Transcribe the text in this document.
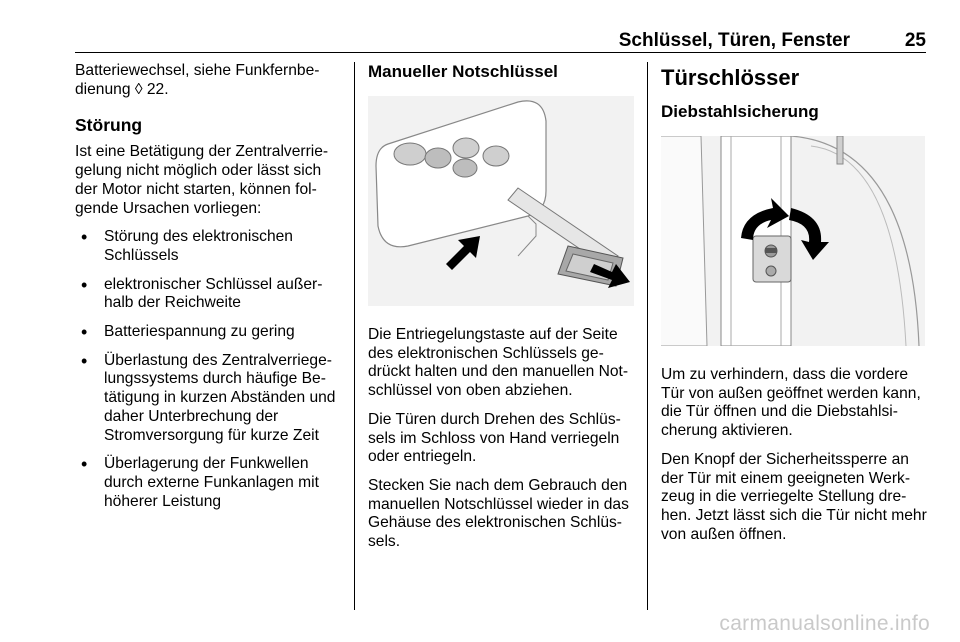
Schlüssel, Türen, Fenster	25

Batteriewechsel, siehe Funkfernbe-
dienung ◊ 22.

Störung

Ist eine Betätigung der Zentralverrie-gelung nicht möglich oder lässt sich der Motor nicht starten, können fol-gende Ursachen vorliegen:

• Störung des elektronischen Schlüssels
• elektronischer Schlüssel außer-halb der Reichweite
• Batteriespannung zu gering
• Überlastung des Zentralverriege-lungssystems durch häufige Be-tätigung in kurzen Abständen und daher Unterbrechung der Stromversorgung für kurze Zeit
• Überlagerung der Funkwellen durch externe Funkanlagen mit höherer Leistung
Manueller Notschlüssel

Die Entriegelungstaste auf der Seite des elektronischen Schlüssels ge-drückt halten und den manuellen Not-schlüssel von oben abziehen.

Die Türen durch Drehen des Schlüs-sels im Schloss von Hand verriegeln oder entriegeln.

Stecken Sie nach dem Gebrauch den manuellen Notschlüssel wieder in das Gehäuse des elektronischen Schlüs-sels.

Türschlösser
Diebstahlsicherung

Um zu verhindern, dass die vordere Tür von außen geöffnet werden kann, die Tür öffnen und die Diebstahlsi-cherung aktivieren.

Den Knopf der Sicherheitssperre an der Tür mit einem geeigneten Werk-zeug in die verriegelte Stellung dre-hen. Jetzt lässt sich die Tür nicht mehr von außen öffnen.

carmanualsonline.info
